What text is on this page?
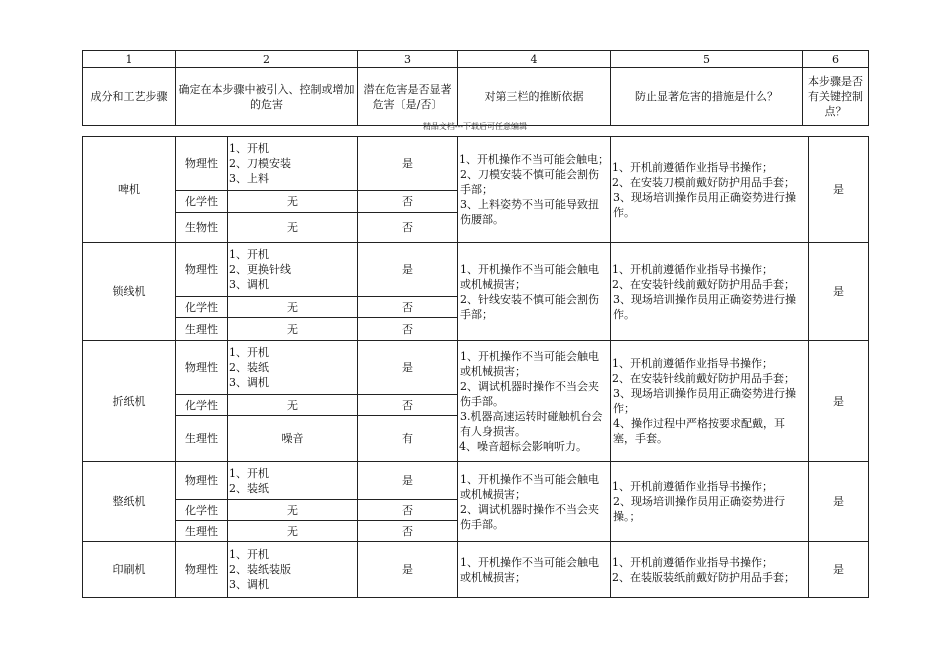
1	2	3	4	5	6
成分和工艺步骤	确定在本步骤中被引入、控制或增加的危害	潜在危害是否显著危害〔是/否〕	对第三栏的推断依据	防止显著危害的措施是什么？	本步骤是否有关键控制点？
精品文档---下载后可任意编辑
啤机	物理性	1、开机
2、刀模安装
3、上料	是	1、开机操作不当可能会触电；
2、刀模安装不慎可能会割伤手部；
3、上料姿势不当可能导致扭伤腰部。	1、开机前遵循作业指导书操作；
2、在安装刀模前戴好防护用品手套；
3、现场培训操作员用正确姿势进行操作。	是
	化学性	无	否			
	生物性	无	否			
锁线机	物理性	1、开机
2、更换针线
3、调机	是	1、开机操作不当可能会触电或机械损害；
2、针线安装不慎可能会割伤手部；	1、开机前遵循作业指导书操作；
2、在安装针线前戴好防护用品手套；
3、现场培训操作员用正确姿势进行操作。	是
	化学性	无	否			
	生理性	无	否			
折纸机	物理性	1、开机
2、装纸
3、调机	是	1、开机操作不当可能会触电或机械损害；
2、调试机器时操作不当会夹伤手部。
3.机器高速运转时碰触机台会有人身损害。
4、噪音超标会影响听力。	1、开机前遵循作业指导书操作；
2、在安装针线前戴好防护用品手套；
3、现场培训操作员用正确姿势进行操作；
4、操作过程中严格按要求配戴，耳塞，手套。	是
	化学性	无	否			
	生理性	噪音	有			
整纸机	物理性	1、开机
2、装纸	是	1、开机操作不当可能会触电或机械损害；
2、调试机器时操作不当会夹伤手部。	1、开机前遵循作业指导书操作；
2、现场培训操作员用正确姿势进行操。；	是
	化学性	无	否			
	生理性	无	否			
印刷机	物理性	1、开机
2、装纸装版
3、调机	是	1、开机操作不当可能会触电或机械损害；	1、开机前遵循作业指导书操作；
2、在装版装纸前戴好防护用品手套；	是
